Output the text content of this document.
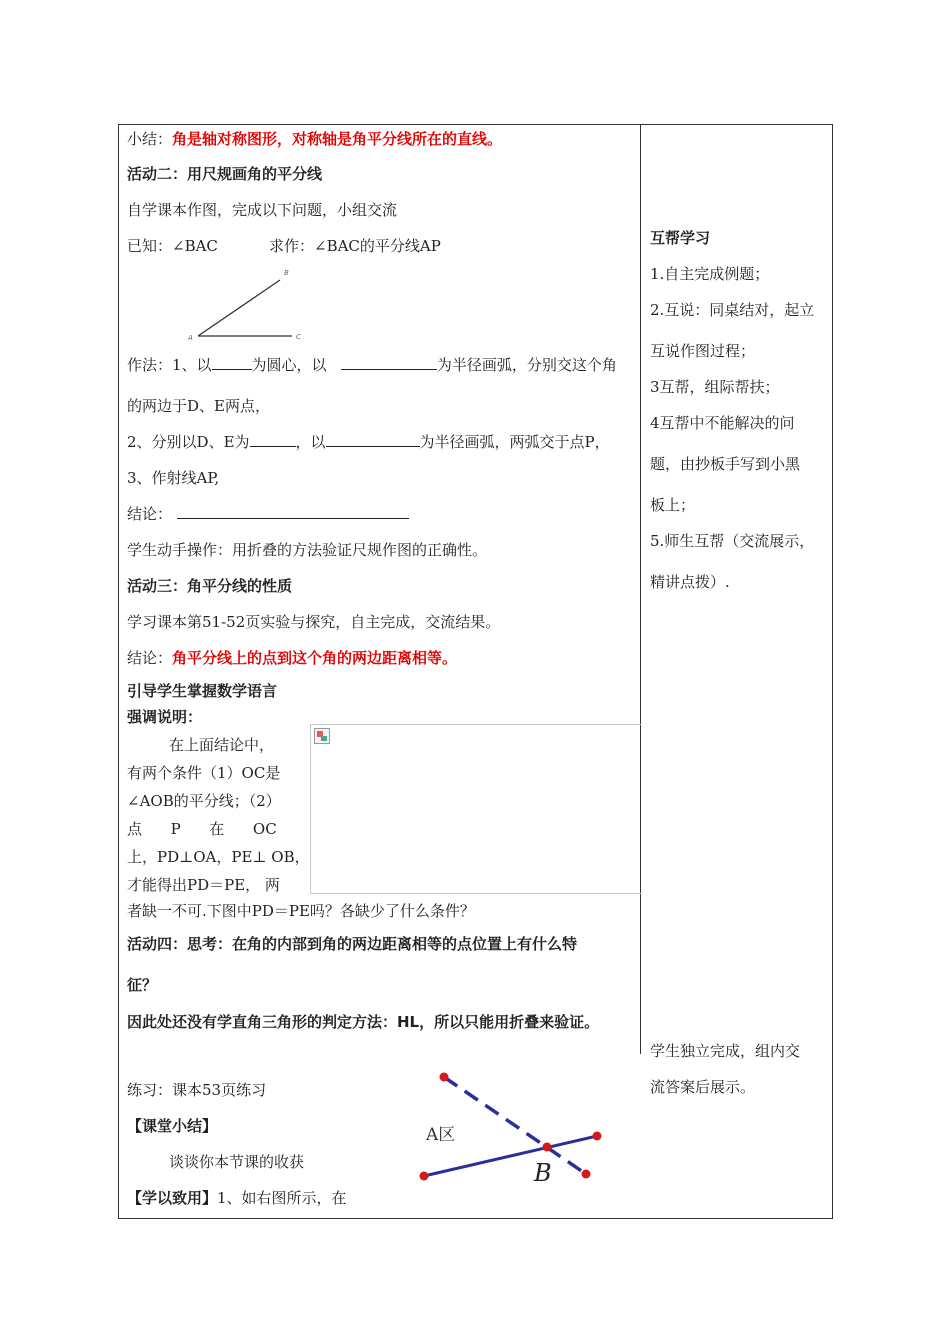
小结：角是轴对称图形，对称轴是角平分线所在的直线。
活动二：用尺规画角的平分线
自学课本作图，完成以下问题，小组交流
已知：∠BAC	求作：∠BAC的平分线AP
A
B
C
作法：1、以	为圆心，以	为半径画弧，分别交这个角
的两边于D、E两点，
2、分别以D、E为	，以	为半径画弧，两弧交于点P，
3、作射线AP,
结论：
学生动手操作：用折叠的方法验证尺规作图的正确性。
活动三：角平分线的性质
学习课本第51-52页实验与探究，自主完成，交流结果。
结论：角平分线上的点到这个角的两边距离相等。
引导学生掌握数学语言
强调说明：
在上面结论中，
有两个条件（1）OC是
∠AOB的平分线；（2）
点      P      在      OC
上，PD⊥OA，PE⊥ OB，
才能得出PD＝PE， 两
者缺一不可.下图中PD＝PE吗？各缺少了什么条件？
活动四：思考：在角的内部到角的两边距离相等的点位置上有什么特
征？
因此处还没有学直角三角形的判定方法：HL，所以只能用折叠来验证。
练习：课本53页练习
【课堂小结】
谈谈你本节课的收获
【学以致用】1、如右图所示，在
A区
B
互帮学习
1.自主完成例题；
2.互说：同桌结对，起立
互说作图过程；
3互帮，组际帮扶；
4互帮中不能解决的问
题，由抄板手写到小黑
板上；
5.师生互帮（交流展示，
精讲点拨）.
学生独立完成，组内交
流答案后展示。
